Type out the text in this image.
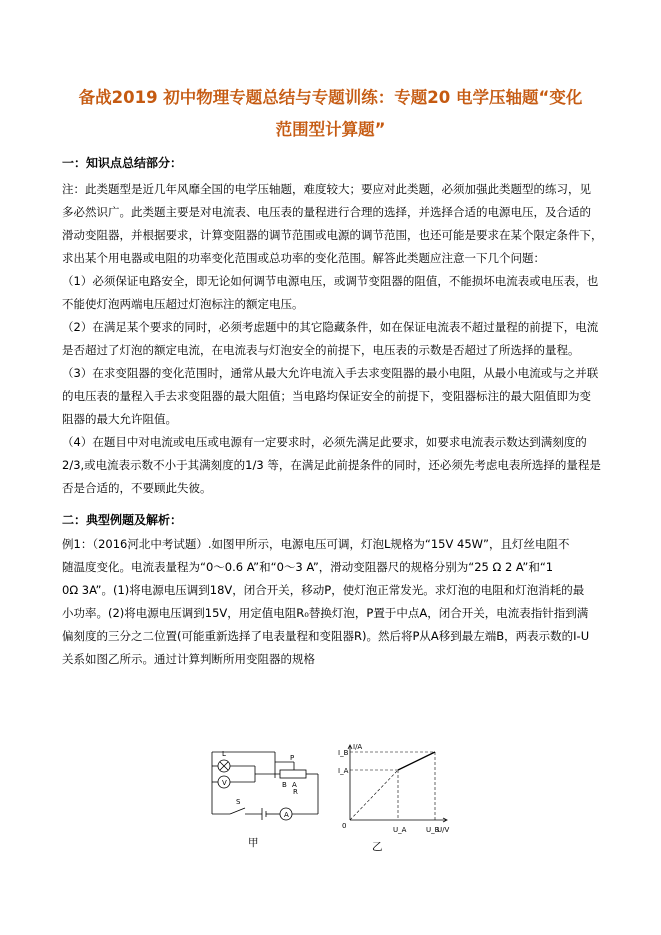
备战2019 初中物理专题总结与专题训练：专题20 电学压轴题“变化
范围型计算题”
一：知识点总结部分：
注：此类题型是近几年风靡全国的电学压轴题，难度较大；要应对此类题，必须加强此类题型的练习，见
多必然识广。此类题主要是对电流表、电压表的量程进行合理的选择，并选择合适的电源电压，及合适的
滑动变阻器，并根据要求，计算变阻器的调节范围或电源的调节范围，也还可能是要求在某个限定条件下，
求出某个用电器或电阻的功率变化范围或总功率的变化范围。解答此类题应注意一下几个问题：
（1）必须保证电路安全，即无论如何调节电源电压，或调节变阻器的阻值，不能损坏电流表或电压表，也
不能使灯泡两端电压超过灯泡标注的额定电压。
（2）在满足某个要求的同时，必须考虑题中的其它隐藏条件，如在保证电流表不超过量程的前提下，电流
是否超过了灯泡的额定电流，在电流表与灯泡安全的前提下，电压表的示数是否超过了所选择的量程。
（3）在求变阻器的变化范围时，通常从最大允许电流入手去求变阻器的最小电阻，从最小电流或与之并联
的电压表的量程入手去求变阻器的最大阻值；当电路均保证安全的前提下，变阻器标注的最大阻值即为变
阻器的最大允许阻值。
（4）在题目中对电流或电压或电源有一定要求时，必须先满足此要求，如要求电流表示数达到满刻度的
2/3,或电流表示数不小于其满刻度的1/3 等，在满足此前提条件的同时，还必须先考虑电表所选择的量程是
否是合适的，不要顾此失彼。
二：典型例题及解析：
例1：（2016河北中考试题）.如图甲所示，电源电压可调，灯泡L规格为“15V 45W”，且灯丝电阻不
随温度变化。电流表量程为“0～0.6 A”和“0～3 A”，滑动变阻器尺的规格分别为“25 Ω 2 A”和“1
0Ω 3A”。(1)将电源电压调到18V，闭合开关，移动P，使灯泡正常发光。求灯泡的电阻和灯泡消耗的最
小功率。(2)将电源电压调到15V，用定值电阻R₀替换灯泡，P置于中点A，闭合开关，电流表指针指到满
偏刻度的三分之二位置(可能重新选择了电表量程和变阻器R)。然后将P从A移到最左端B，两表示数的I-U
关系如图乙所示。通过计算判断所用变阻器的规格
L
V
P
B A
R
S
A
甲
I/A
U/V
0
I_B
I_A
U_A	U_B
乙
